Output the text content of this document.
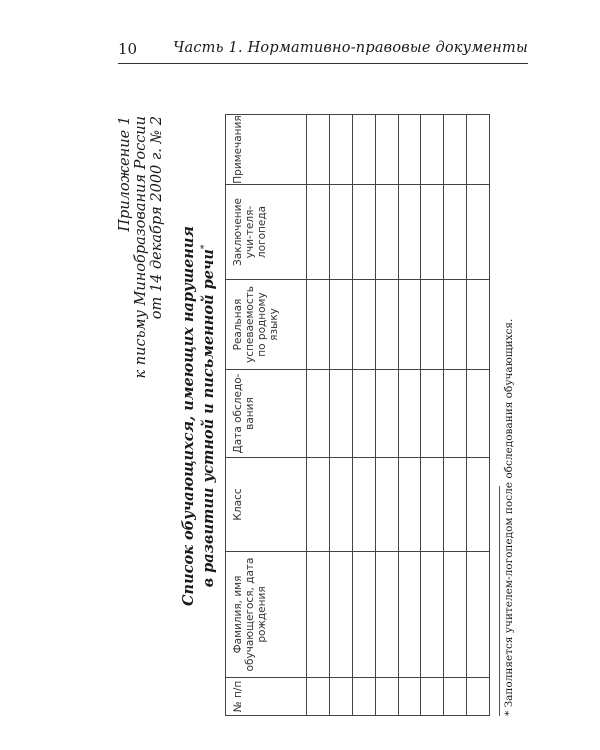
10 Часть 1. Нормативно-правовые документы
Приложение 1 к письму Минобразования России от 14 декабря 2000 г. № 2
Список обучающихся, имеющих нарушения в развитии устной и письменной речи*
№ п/п	Фамилия, имя обучающегося, дата рождения	Класс	Дата обследо-вания	Реальная успеваемость по родному языку	Заключение учи-теля-логопеда	Примечания

* Заполняется учителем-логопедом после обследования обучающихся.
